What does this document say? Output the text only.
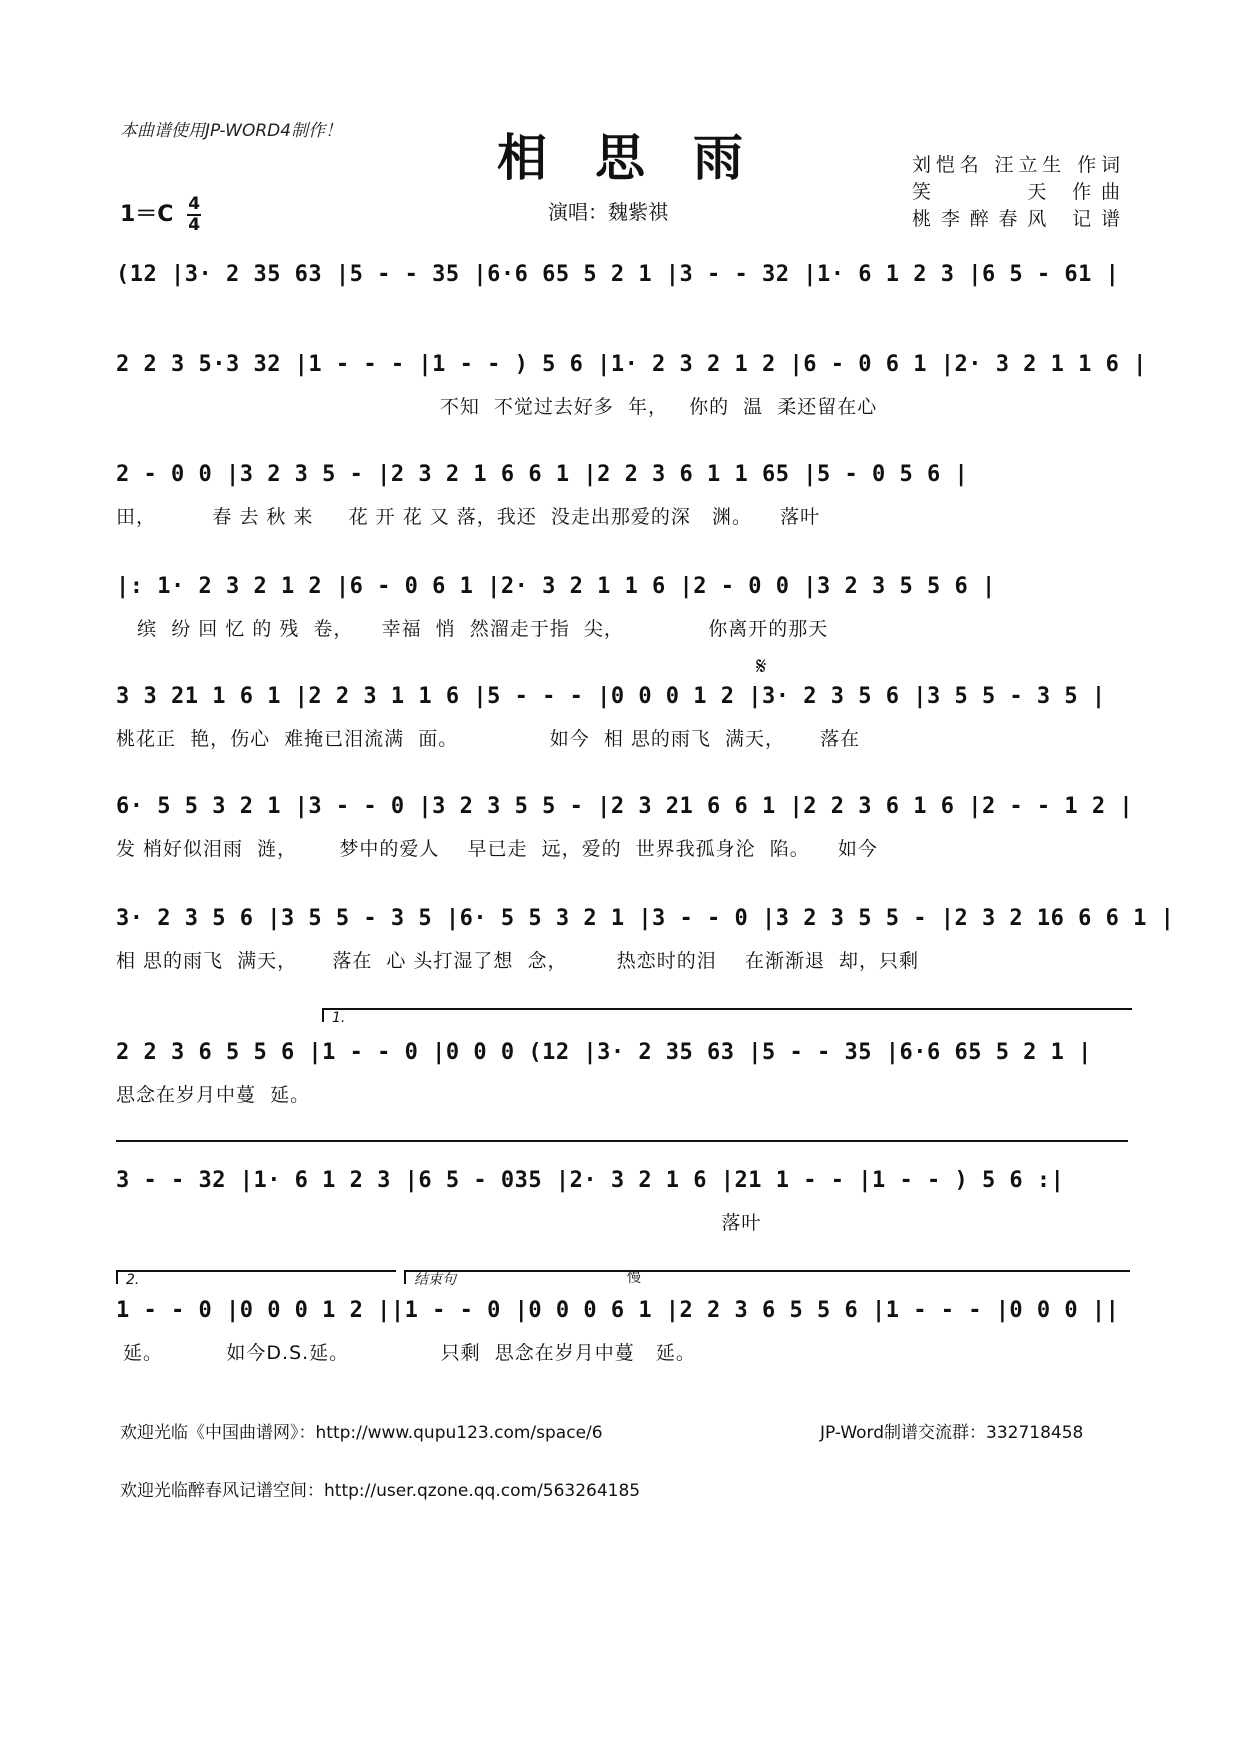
本曲谱使用JP-WORD4制作！	相思雨	刘恺名 汪立生 作词
笑　　　天 作曲
桃李醉春风 记谱
$1=C \frac{4}{4}$	演唱：魏紫祺
(12 |3· 2 35 63 |5 - - 35 |6·6 65 5 2 1 |3 - - 32 |1· 6 1 2 3 |6 5 - 61 |
2 2 3 5·3 32 |1 - - - |1 - - ) 5 6 |1· 2 3 2 1 2 |6 - 0 6 1 |2· 3 2 1 1 6 |
不知  不觉过去好多  年，   你的  温  柔还留在心
2 - 0 0 |3 2 3 5 - |2 3 2 1 6 6 1 |2 2 3 6 1 1 65 |5 - 0 5 6 |
田，        春 去 秋 来     花 开 花 又 落，我还  没走出那爱的深   渊。    落叶
|: 1· 2 3 2 1 2 |6 - 0 6 1 |2· 3 2 1 1 6 |2 - 0 0 |3 2 3 5 5 6 |
缤  纷 回 忆 的 残  卷，    幸福  悄  然溜走于指  尖，            你离开的那天
𝄋
3 3 21 1 6 1 |2 2 3 1 1 6 |5 - - - |0 0 0 1 2 |3· 2 3 5 6 |3 5 5 - 3 5 |
桃花正  艳，伤心  难掩已泪流满  面。             如今  相 思的雨飞  满天，     落在
6· 5 5 3 2 1 |3 - - 0 |3 2 3 5 5 - |2 3 21 6 6 1 |2 2 3 6 1 6 |2 - - 1 2 |
发 梢好似泪雨  涟，      梦中的爱人    早已走  远，爱的  世界我孤身沦  陷。    如今
3· 2 3 5 6 |3 5 5 - 3 5 |6· 5 5 3 2 1 |3 - - 0 |3 2 3 5 5 - |2 3 2 16 6 6 1 |
相 思的雨飞  满天，     落在  心 头打湿了想  念，       热恋时的泪    在渐渐退  却，只剩
1.
2 2 3 6 5 5 6 |1 - - 0 |0 0 0 (12 |3· 2 35 63 |5 - - 35 |6·6 65 5 2 1 |
思念在岁月中蔓  延。
3 - - 32 |1· 6 1 2 3 |6 5 - 035 |2· 3 2 1 6 |21 1 - - |1 - - ) 5 6 :|
落叶
2.	结束句	慢
1 - - 0 |0 0 0 1 2 ||1 - - 0 |0 0 0 6 1 |2 2 3 6 5 5 6 |1 - - - |0 0 0 ||
延。         如今D.S.延。             只剩  思念在岁月中蔓   延。
欢迎光临《中国曲谱网》：http://www.qupu123.com/space/6	JP-Word制谱交流群：332718458
欢迎光临醉春风记谱空间：http://user.qzone.qq.com/563264185
